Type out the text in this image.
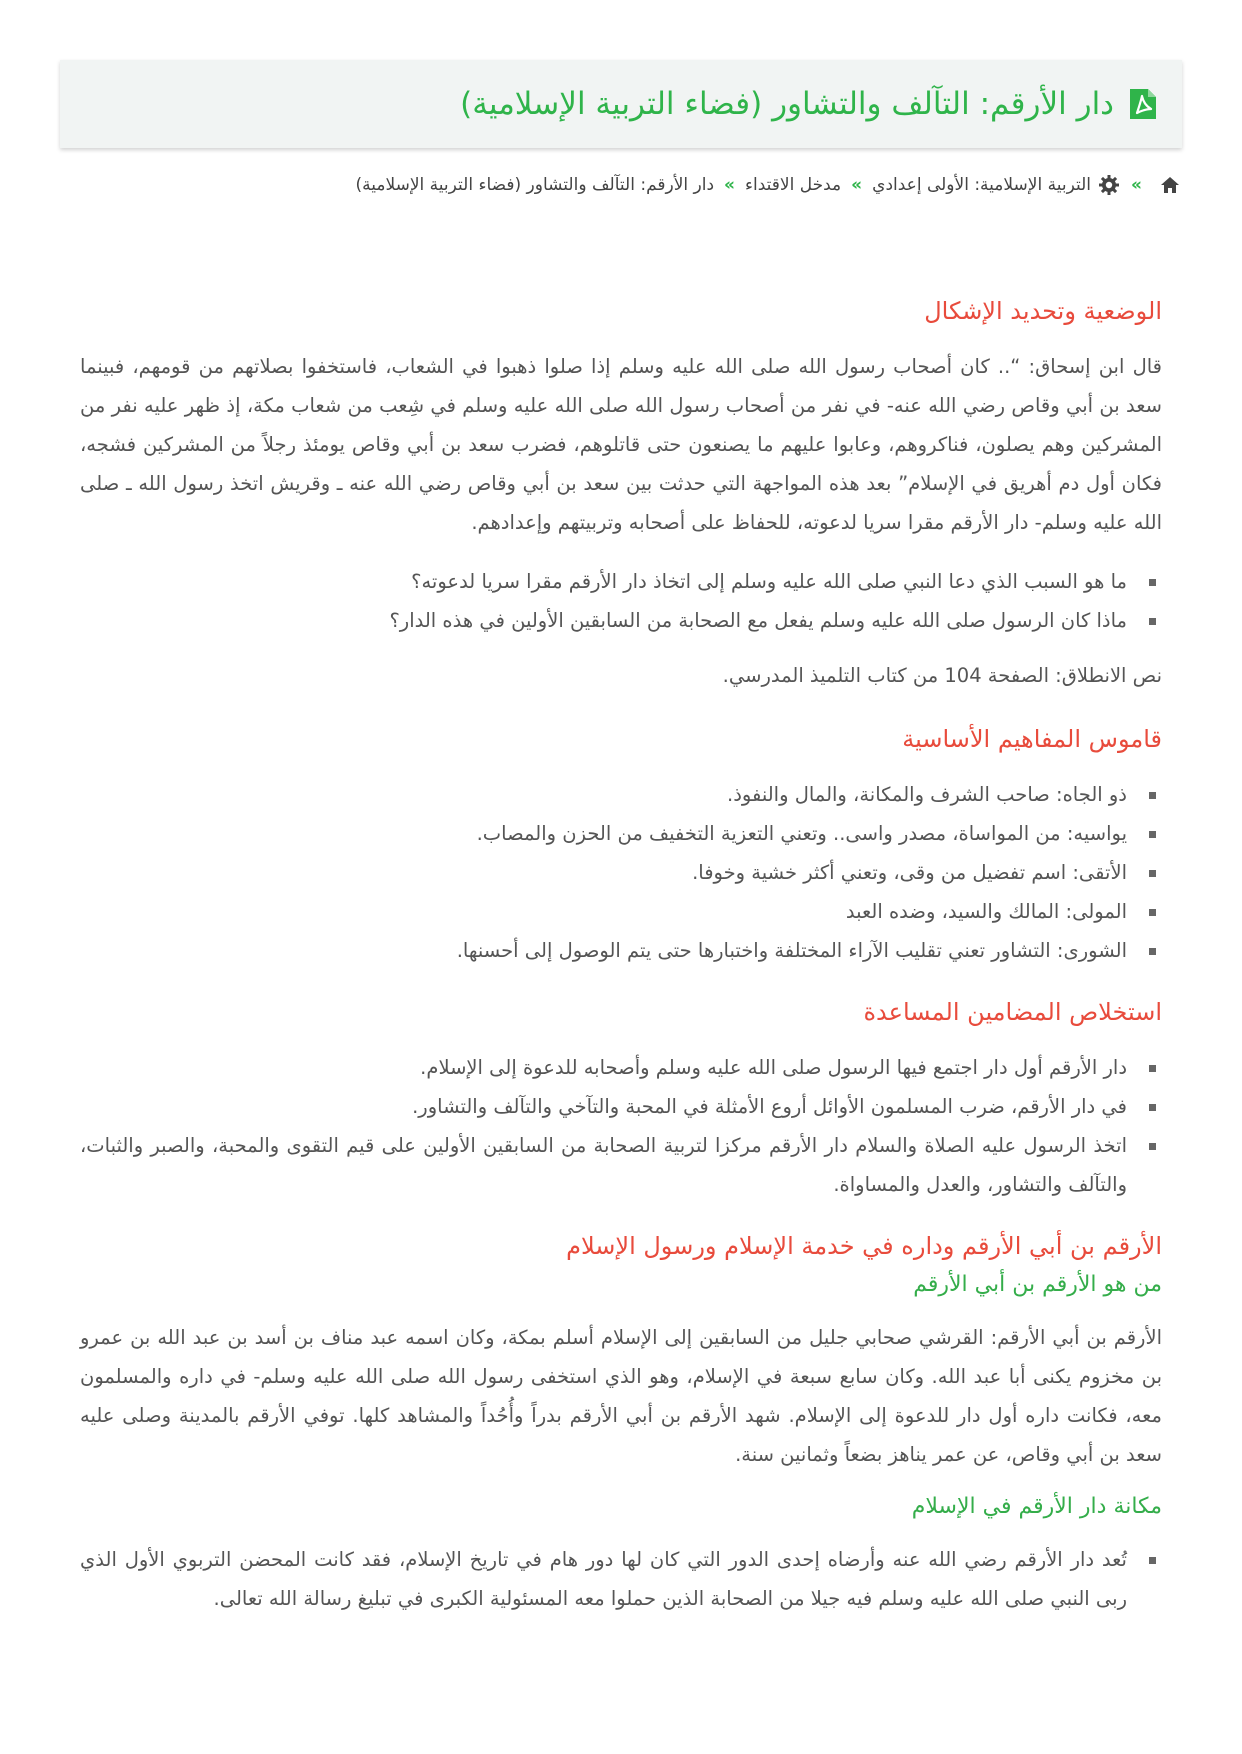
دار الأرقم: التآلف والتشاور (فضاء التربية الإسلامية)
»
التربية الإسلامية: الأولى إعدادي
»
مدخل الاقتداء
»
دار الأرقم: التآلف والتشاور (فضاء التربية الإسلامية)
الوضعية وتحديد الإشكال

قال ابن إسحاق: “.. كان أصحاب رسول الله صلى الله عليه وسلم إذا صلوا ذهبوا في الشعاب، فاستخفوا بصلاتهم من قومهم، فبينما سعد بن أبي وقاص رضي الله عنه- في نفر من أصحاب رسول الله صلى الله عليه وسلم في شِعب من شعاب مكة، إذ ظهر عليه نفر من المشركين وهم يصلون، فناكروهم، وعابوا عليهم ما يصنعون حتى قاتلوهم، فضرب سعد بن أبي وقاص يومئذ رجلاً من المشركين فشجه، فكان أول دم أهريق في الإسلام” بعد هذه المواجهة التي حدثت بين سعد بن أبي وقاص رضي الله عنه ـ وقريش اتخذ رسول الله ـ صلى الله عليه وسلم- دار الأرقم مقرا سريا لدعوته، للحفاظ على أصحابه وتربيتهم وإعدادهم.

ما هو السبب الذي دعا النبي صلى الله عليه وسلم إلى اتخاذ دار الأرقم مقرا سريا لدعوته؟
ماذا كان الرسول صلى الله عليه وسلم يفعل مع الصحابة من السابقين الأولين في هذه الدار؟

نص الانطلاق: الصفحة 104 من كتاب التلميذ المدرسي.

قاموس المفاهيم الأساسية
ذو الجاه: صاحب الشرف والمكانة، والمال والنفوذ.
يواسيه: من المواساة، مصدر واسى.. وتعني التعزية التخفيف من الحزن والمصاب.
الأتقى: اسم تفضيل من وقى، وتعني أكثر خشية وخوفا.
المولى: المالك والسيد، وضده العبد
الشورى: التشاور تعني تقليب الآراء المختلفة واختبارها حتى يتم الوصول إلى أحسنها.
استخلاص المضامين المساعدة
دار الأرقم أول دار اجتمع فيها الرسول صلى الله عليه وسلم وأصحابه للدعوة إلى الإسلام.
في دار الأرقم، ضرب المسلمون الأوائل أروع الأمثلة في المحبة والتآخي والتآلف والتشاور.
اتخذ الرسول عليه الصلاة والسلام دار الأرقم مركزا لتربية الصحابة من السابقين الأولين على قيم التقوى والمحبة، والصبر والثبات، والتآلف والتشاور، والعدل والمساواة.
الأرقم بن أبي الأرقم وداره في خدمة الإسلام ورسول الإسلام
من هو الأرقم بن أبي الأرقم

الأرقم بن أبي الأرقم: القرشي صحابي جليل من السابقين إلى الإسلام أسلم بمكة، وكان اسمه عبد مناف بن أسد بن عبد الله بن عمرو بن مخزوم يكنى أبا عبد الله. وكان سابع سبعة في الإسلام، وهو الذي استخفى رسول الله صلى الله عليه وسلم- في داره والمسلمون معه، فكانت داره أول دار للدعوة إلى الإسلام. شهد الأرقم بن أبي الأرقم بدراً وأُحُداً والمشاهد كلها. توفي الأرقم بالمدينة وصلى عليه سعد بن أبي وقاص، عن عمر يناهز بضعاً وثمانين سنة.

مكانة دار الأرقم في الإسلام
تُعد دار الأرقم رضي الله عنه وأرضاه إحدى الدور التي كان لها دور هام في تاريخ الإسلام، فقد كانت المحضن التربوي الأول الذي ربى النبي صلى الله عليه وسلم فيه جيلا من الصحابة الذين حملوا معه المسئولية الكبرى في تبليغ رسالة الله تعالى.
